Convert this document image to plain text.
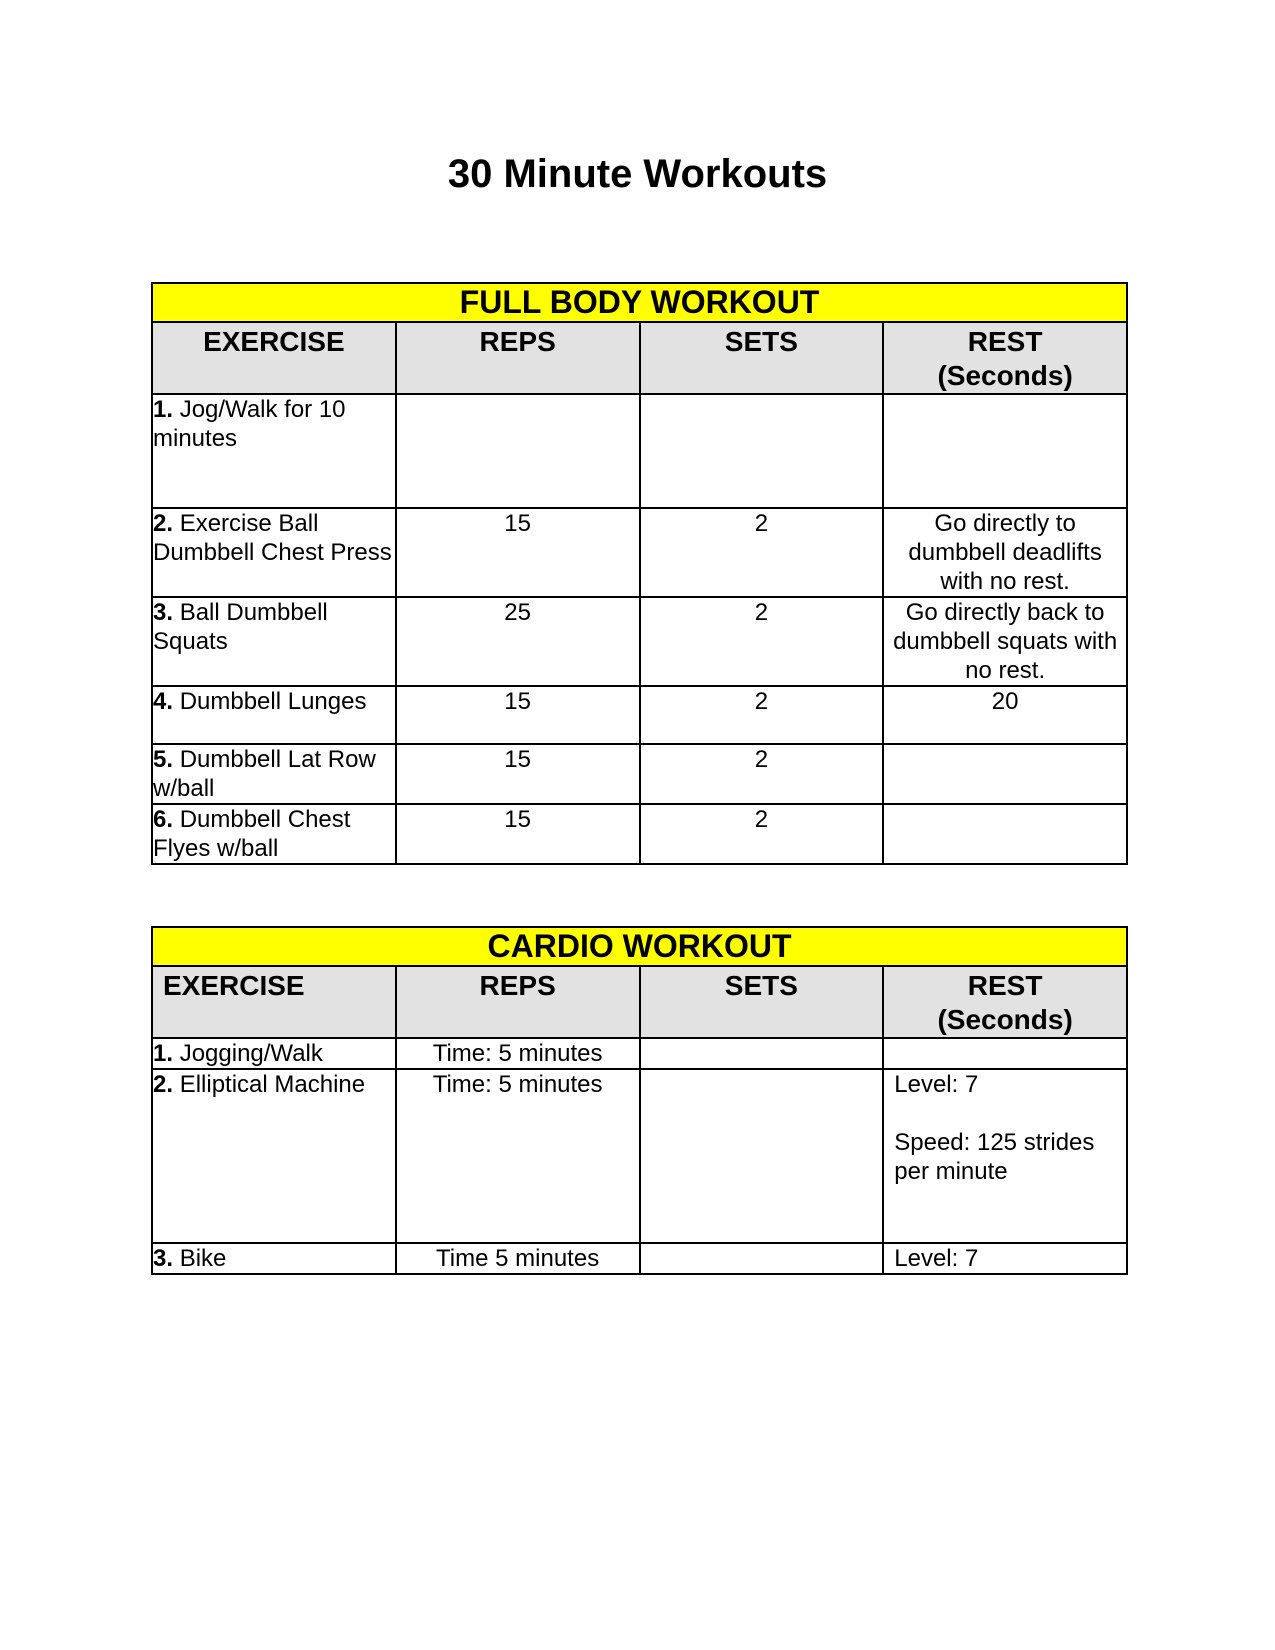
30 Minute Workouts
FULL BODY WORKOUT			
EXERCISE	REPS	SETS	REST
(Seconds)
1. Jog/Walk for 10 minutes			
2. Exercise Ball Dumbbell Chest Press	15	2	Go directly to dumbbell deadlifts with no rest.
3. Ball Dumbbell Squats	25	2	Go directly back to dumbbell squats with no rest.
4. Dumbbell Lunges	15	2	20
5. Dumbbell Lat Row w/ball	15	2	
6. Dumbbell Chest Flyes w/ball	15	2	
CARDIO WORKOUT			
EXERCISE	REPS	SETS	REST
(Seconds)
1. Jogging/Walk	Time: 5 minutes		
2. Elliptical Machine	Time: 5 minutes		Level: 7
Speed: 125 strides per minute
3. Bike	Time 5 minutes		Level: 7
